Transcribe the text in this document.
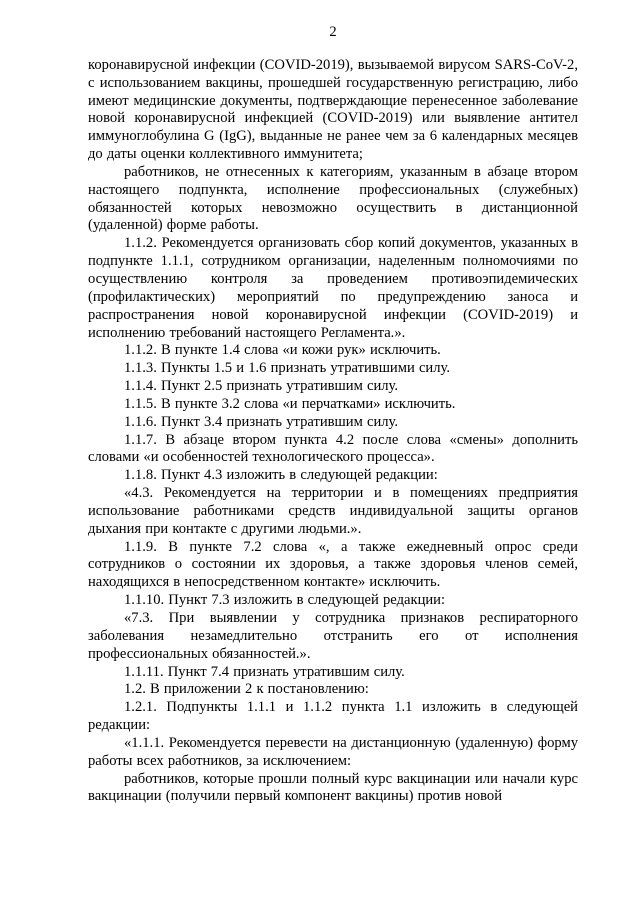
2

коронавирусной инфекции (COVID-2019), вызываемой вирусом SARS-CoV-2, с использованием вакцины, прошедшей государственную регистрацию, либо имеют медицинские документы, подтверждающие перенесенное заболевание новой коронавирусной инфекцией (COVID-2019) или выявление антител иммуноглобулина G (IgG), выданные не ранее чем за 6 календарных месяцев до даты оценки коллективного иммунитета;

работников, не отнесенных к категориям, указанным в абзаце втором настоящего подпункта, исполнение профессиональных (служебных) обязанностей которых невозможно осуществить в дистанционной (удаленной) форме работы.

1.1.2. Рекомендуется организовать сбор копий документов, указанных в подпункте 1.1.1, сотрудником организации, наделенным полномочиями по осуществлению контроля за проведением противоэпидемических (профилактических) мероприятий по предупреждению заноса и распространения новой коронавирусной инфекции (COVID-2019) и исполнению требований настоящего Регламента.».

1.1.2. В пункте 1.4 слова «и кожи рук» исключить.

1.1.3. Пункты 1.5 и 1.6 признать утратившими силу.

1.1.4. Пункт 2.5 признать утратившим силу.

1.1.5. В пункте 3.2 слова «и перчатками» исключить.

1.1.6. Пункт 3.4 признать утратившим силу.

1.1.7. В абзаце втором пункта 4.2 после слова «смены» дополнить словами «и особенностей технологического процесса».

1.1.8. Пункт 4.3 изложить в следующей редакции:

«4.3. Рекомендуется на территории и в помещениях предприятия использование работниками средств индивидуальной защиты органов дыхания при контакте с другими людьми.».

1.1.9. В пункте 7.2 слова «, а также ежедневный опрос среди сотрудников о состоянии их здоровья, а также здоровья членов семей, находящихся в непосредственном контакте» исключить.

1.1.10. Пункт 7.3 изложить в следующей редакции:

«7.3. При выявлении у сотрудника признаков респираторного заболевания незамедлительно отстранить его от исполнения профессиональных обязанностей.».

1.1.11. Пункт 7.4 признать утратившим силу.

1.2. В приложении 2 к постановлению:

1.2.1. Подпункты 1.1.1 и 1.1.2 пункта 1.1 изложить в следующей редакции:

«1.1.1. Рекомендуется перевести на дистанционную (удаленную) форму работы всех работников, за исключением:

работников, которые прошли полный курс вакцинации или начали курс вакцинации (получили первый компонент вакцины) против новой
